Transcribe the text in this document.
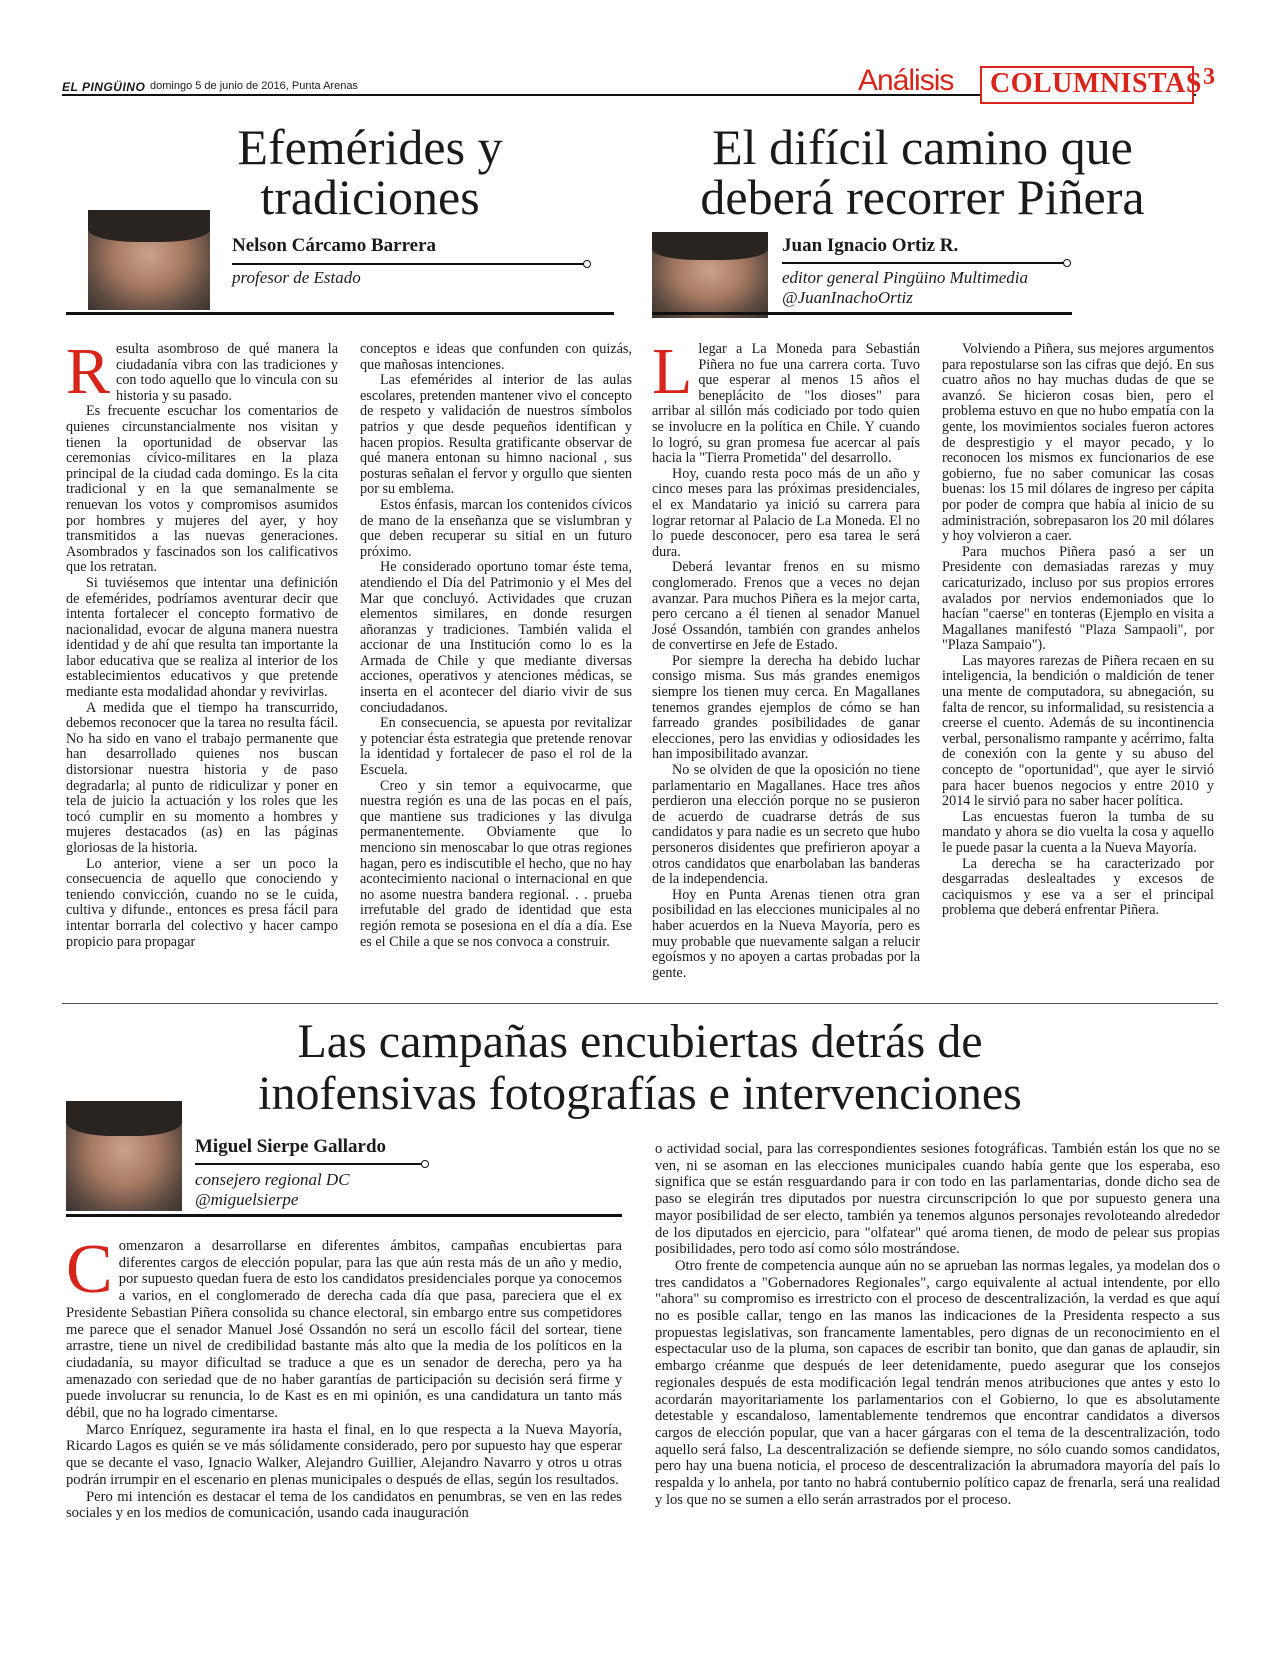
EL PINGÜINO domingo 5 de junio de 2016, Punta Arenas	Análisis COLUMNISTAS 3
Efemérides y
tradiciones
Nelson Cárcamo Barrera
profesor de Estado
R esulta asombroso de qué manera la ciudadanía vibra con las tradiciones y con todo aquello que lo vincula con su historia y su pasado.

Es frecuente escuchar los comentarios de quienes circunstancialmente nos visitan y tienen la oportunidad de observar las ceremonias cívico-militares en la plaza principal de la ciudad cada domingo. Es la cita tradicional y en la que semanalmente se renuevan los votos y compromisos asumidos por hombres y mujeres del ayer, y hoy transmitidos a las nuevas generaciones. Asombrados y fascinados son los calificativos que los retratan.

Si tuviésemos que intentar una definición de efemérides, podríamos aventurar decir que intenta fortalecer el concepto formativo de nacionalidad, evocar de alguna manera nuestra identidad y de ahí que resulta tan importante la labor educativa que se realiza al interior de los establecimientos educativos y que pretende mediante esta modalidad ahondar y revivirlas.

A medida que el tiempo ha transcurrido, debemos reconocer que la tarea no resulta fácil. No ha sido en vano el trabajo permanente que han desarrollado quienes nos buscan distorsionar nuestra historia y de paso degradarla; al punto de ridiculizar y poner en tela de juicio la actuación y los roles que les tocó cumplir en su momento a hombres y mujeres destacados (as) en las páginas gloriosas de la historia.

Lo anterior, viene a ser un poco la consecuencia de aquello que conociendo y teniendo convicción, cuando no se le cuida, cultiva y difunde., entonces es presa fácil para intentar borrarla del colectivo y hacer campo propicio para propagar

conceptos e ideas que confunden con quizás, que mañosas intenciones.

Las efemérides al interior de las aulas escolares, pretenden mantener vivo el concepto de respeto y validación de nuestros símbolos patrios y que desde pequeños identifican y hacen propios. Resulta gratificante observar de qué manera entonan su himno nacional , sus posturas señalan el fervor y orgullo que sienten por su emblema.

Estos énfasis, marcan los contenidos cívicos de mano de la enseñanza que se vislumbran y que deben recuperar su sitial en un futuro próximo.

He considerado oportuno tomar éste tema, atendiendo el Día del Patrimonio y el Mes del Mar que concluyó. Actividades que cruzan elementos similares, en donde resurgen añoranzas y tradiciones. También valida el accionar de una Institución como lo es la Armada de Chile y que mediante diversas acciones, operativos y atenciones médicas, se inserta en el acontecer del diario vivir de sus conciudadanos.

En consecuencia, se apuesta por revitalizar y potenciar ésta estrategia que pretende renovar la identidad y fortalecer de paso el rol de la Escuela.

Creo y sin temor a equivocarme, que nuestra región es una de las pocas en el país, que mantiene sus tradiciones y las divulga permanentemente. Obviamente que lo menciono sin menoscabar lo que otras regiones hagan, pero es indiscutible el hecho, que no hay acontecimiento nacional o internacional en que no asome nuestra bandera regional. . . prueba irrefutable del grado de identidad que esta región remota se posesiona en el día a día. Ese es el Chile a que se nos convoca a construir.

El difícil camino que
deberá recorrer Piñera
Juan Ignacio Ortiz R.
editor general Pingüino Multimedia
@JuanInachoOrtiz
L legar a La Moneda para Sebastián Piñera no fue una carrera corta. Tuvo que esperar al menos 15 años el beneplácito de "los dioses" para arribar al sillón más codiciado por todo quien se involucre en la política en Chile. Y cuando lo logró, su gran promesa fue acercar al país hacia la "Tierra Prometida" del desarrollo.

Hoy, cuando resta poco más de un año y cinco meses para las próximas presidenciales, el ex Mandatario ya inició su carrera para lograr retornar al Palacio de La Moneda. El no lo puede desconocer, pero esa tarea le será dura.

Deberá levantar frenos en su mismo conglomerado. Frenos que a veces no dejan avanzar. Para muchos Piñera es la mejor carta, pero cercano a él tienen al senador Manuel José Ossandón, también con grandes anhelos de convertirse en Jefe de Estado.

Por siempre la derecha ha debido luchar consigo misma. Sus más grandes enemigos siempre los tienen muy cerca. En Magallanes tenemos grandes ejemplos de cómo se han farreado grandes posibilidades de ganar elecciones, pero las envidias y odiosidades les han imposibilitado avanzar.

No se olviden de que la oposición no tiene parlamentario en Magallanes. Hace tres años perdieron una elección porque no se pusieron de acuerdo de cuadrarse detrás de sus candidatos y para nadie es un secreto que hubo personeros disidentes que prefirieron apoyar a otros candidatos que enarbolaban las banderas de la independencia.

Hoy en Punta Arenas tienen otra gran posibilidad en las elecciones municipales al no haber acuerdos en la Nueva Mayoría, pero es muy probable que nuevamente salgan a relucir egoísmos y no apoyen a cartas probadas por la gente.

Volviendo a Piñera, sus mejores argumentos para repostularse son las cifras que dejó. En sus cuatro años no hay muchas dudas de que se avanzó. Se hicieron cosas bien, pero el problema estuvo en que no hubo empatía con la gente, los movimientos sociales fueron actores de desprestigio y el mayor pecado, y lo reconocen los mismos ex funcionarios de ese gobierno, fue no saber comunicar las cosas buenas: los 15 mil dólares de ingreso per cápita por poder de compra que había al inicio de su administración, sobrepasaron los 20 mil dólares y hoy volvieron a caer.

Para muchos Piñera pasó a ser un Presidente con demasiadas rarezas y muy caricaturizado, incluso por sus propios errores avalados por nervios endemoniados que lo hacían "caerse" en tonteras (Ejemplo en visita a Magallanes manifestó "Plaza Sampaoli", por "Plaza Sampaio").

Las mayores rarezas de Piñera recaen en su inteligencia, la bendición o maldición de tener una mente de computadora, su abnegación, su falta de rencor, su informalidad, su resistencia a creerse el cuento. Además de su incontinencia verbal, personalismo rampante y acérrimo, falta de conexión con la gente y su abuso del concepto de "oportunidad", que ayer le sirvió para hacer buenos negocios y entre 2010 y 2014 le sirvió para no saber hacer política.

Las encuestas fueron la tumba de su mandato y ahora se dio vuelta la cosa y aquello le puede pasar la cuenta a la Nueva Mayoría.

La derecha se ha caracterizado por desgarradas deslealtades y excesos de caciquismos y ese va a ser el principal problema que deberá enfrentar Piñera.

Las campañas encubiertas detrás de
inofensivas fotografías e intervenciones
Miguel Sierpe Gallardo
consejero regional DC
@miguelsierpe
C omenzaron a desarrollarse en diferentes ámbitos, campañas encubiertas para diferentes cargos de elección popular, para las que aún resta más de un año y medio, por supuesto quedan fuera de esto los candidatos presidenciales porque ya conocemos a varios, en el conglomerado de derecha cada día que pasa, pareciera que el ex Presidente Sebastian Piñera consolida su chance electoral, sin embargo entre sus competidores me parece que el senador Manuel José Ossandón no será un escollo fácil del sortear, tiene arrastre, tiene un nivel de credibilidad bastante más alto que la media de los políticos en la ciudadanía, su mayor dificultad se traduce a que es un senador de derecha, pero ya ha amenazado con seriedad que de no haber garantías de participación su decisión será firme y puede involucrar su renuncia, lo de Kast es en mi opinión, es una candidatura un tanto más débil, que no ha logrado cimentarse.

Marco Enríquez, seguramente ira hasta el final, en lo que respecta a la Nueva Mayoría, Ricardo Lagos es quién se ve más sólidamente considerado, pero por supuesto hay que esperar que se decante el vaso, Ignacio Walker, Alejandro Guillier, Alejandro Navarro y otros u otras podrán irrumpir en el escenario en plenas municipales o después de ellas, según los resultados.

Pero mi intención es destacar el tema de los candidatos en penumbras, se ven en las redes sociales y en los medios de comunicación, usando cada inauguración

o actividad social, para las correspondientes sesiones fotográficas. También están los que no se ven, ni se asoman en las elecciones municipales cuando había gente que los esperaba, eso significa que se están resguardando para ir con todo en las parlamentarias, donde dicho sea de paso se elegirán tres diputados por nuestra circunscripción lo que por supuesto genera una mayor posibilidad de ser electo, también ya tenemos algunos personajes revoloteando alrededor de los diputados en ejercicio, para "olfatear" qué aroma tienen, de modo de pelear sus propias posibilidades, pero todo así como sólo mostrándose.

Otro frente de competencia aunque aún no se aprueban las normas legales, ya modelan dos o tres candidatos a "Gobernadores Regionales", cargo equivalente al actual intendente, por ello "ahora" su compromiso es irrestricto con el proceso de descentralización, la verdad es que aquí no es posible callar, tengo en las manos las indicaciones de la Presidenta respecto a sus propuestas legislativas, son francamente lamentables, pero dignas de un reconocimiento en el espectacular uso de la pluma, son capaces de escribir tan bonito, que dan ganas de aplaudir, sin embargo créanme que después de leer detenidamente, puedo asegurar que los consejos regionales después de esta modificación legal tendrán menos atribuciones que antes y esto lo acordarán mayoritariamente los parlamentarios con el Gobierno, lo que es absolutamente detestable y escandaloso, lamentablemente tendremos que encontrar candidatos a diversos cargos de elección popular, que van a hacer gárgaras con el tema de la descentralización, todo aquello será falso, La descentralización se defiende siempre, no sólo cuando somos candidatos, pero hay una buena noticia, el proceso de descentralización la abrumadora mayoría del país lo respalda y lo anhela, por tanto no habrá contubernio político capaz de frenarla, será una realidad y los que no se sumen a ello serán arrastrados por el proceso.
